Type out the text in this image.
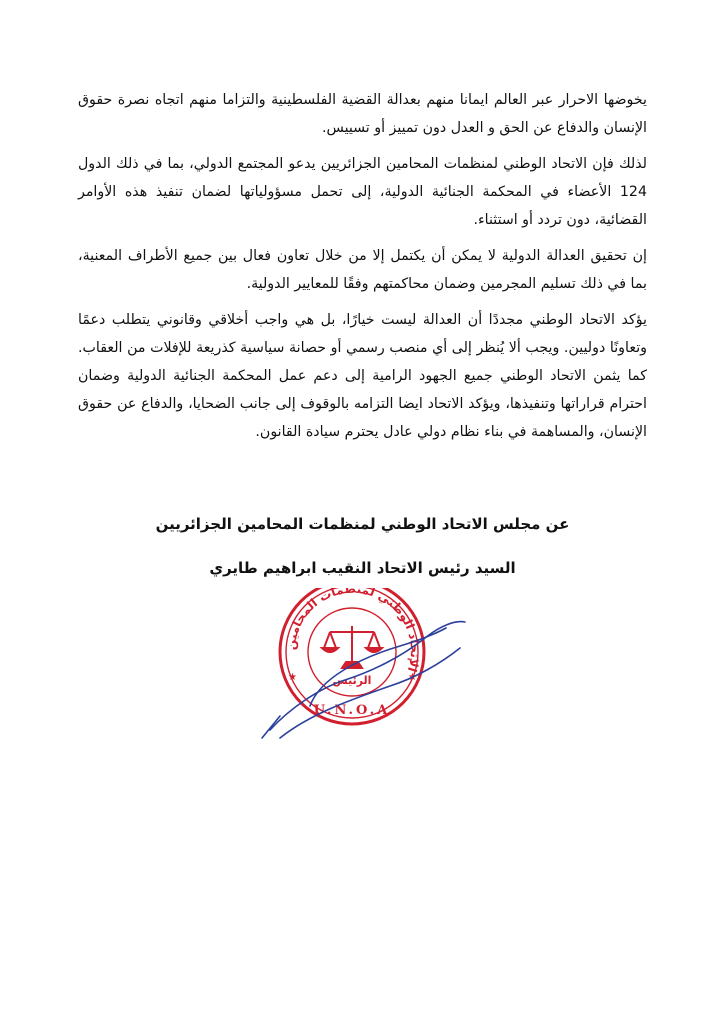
يخوضها الاحرار عبر العالم ايمانا منهم بعدالة القضية الفلسطينية والتزاما منهم اتجاه نصرة حقوق الإنسان والدفاع عن الحق و العدل دون تمييز أو تسييس.

لذلك فإن الاتحاد الوطني لمنظمات المحامين الجزائريين يدعو المجتمع الدولي، بما في ذلك الدول 124 الأعضاء في المحكمة الجنائية الدولية، إلى تحمل مسؤولياتها لضمان تنفيذ هذه الأوامر القضائية، دون تردد أو استثناء.

إن تحقيق العدالة الدولية لا يمكن أن يكتمل إلا من خلال تعاون فعال بين جميع الأطراف المعنية، بما في ذلك تسليم المجرمين وضمان محاكمتهم وفقًا للمعايير الدولية.

يؤكد الاتحاد الوطني مجددًا أن العدالة ليست خيارًا، بل هي واجب أخلاقي وقانوني يتطلب دعمًا وتعاونًا دوليين. ويجب ألا يُنظر إلى أي منصب رسمي أو حصانة سياسية كذريعة للإفلات من العقاب. كما يثمن الاتحاد الوطني جميع الجهود الرامية إلى دعم عمل المحكمة الجنائية الدولية وضمان احترام قراراتها وتنفيذها، ويؤكد الاتحاد ايضا التزامه بالوقوف إلى جانب الضحايا، والدفاع عن حقوق الإنسان، والمساهمة في بناء نظام دولي عادل يحترم سيادة القانون.

عن مجلس الاتحاد الوطني لمنظمات المحامين الجزائريين
السيد رئيس الاتحاد النقيب ابراهيم طايري
الإتحاد الوطني لمنظمات المحامين
الرئيس
U.N.O.A
★	★
